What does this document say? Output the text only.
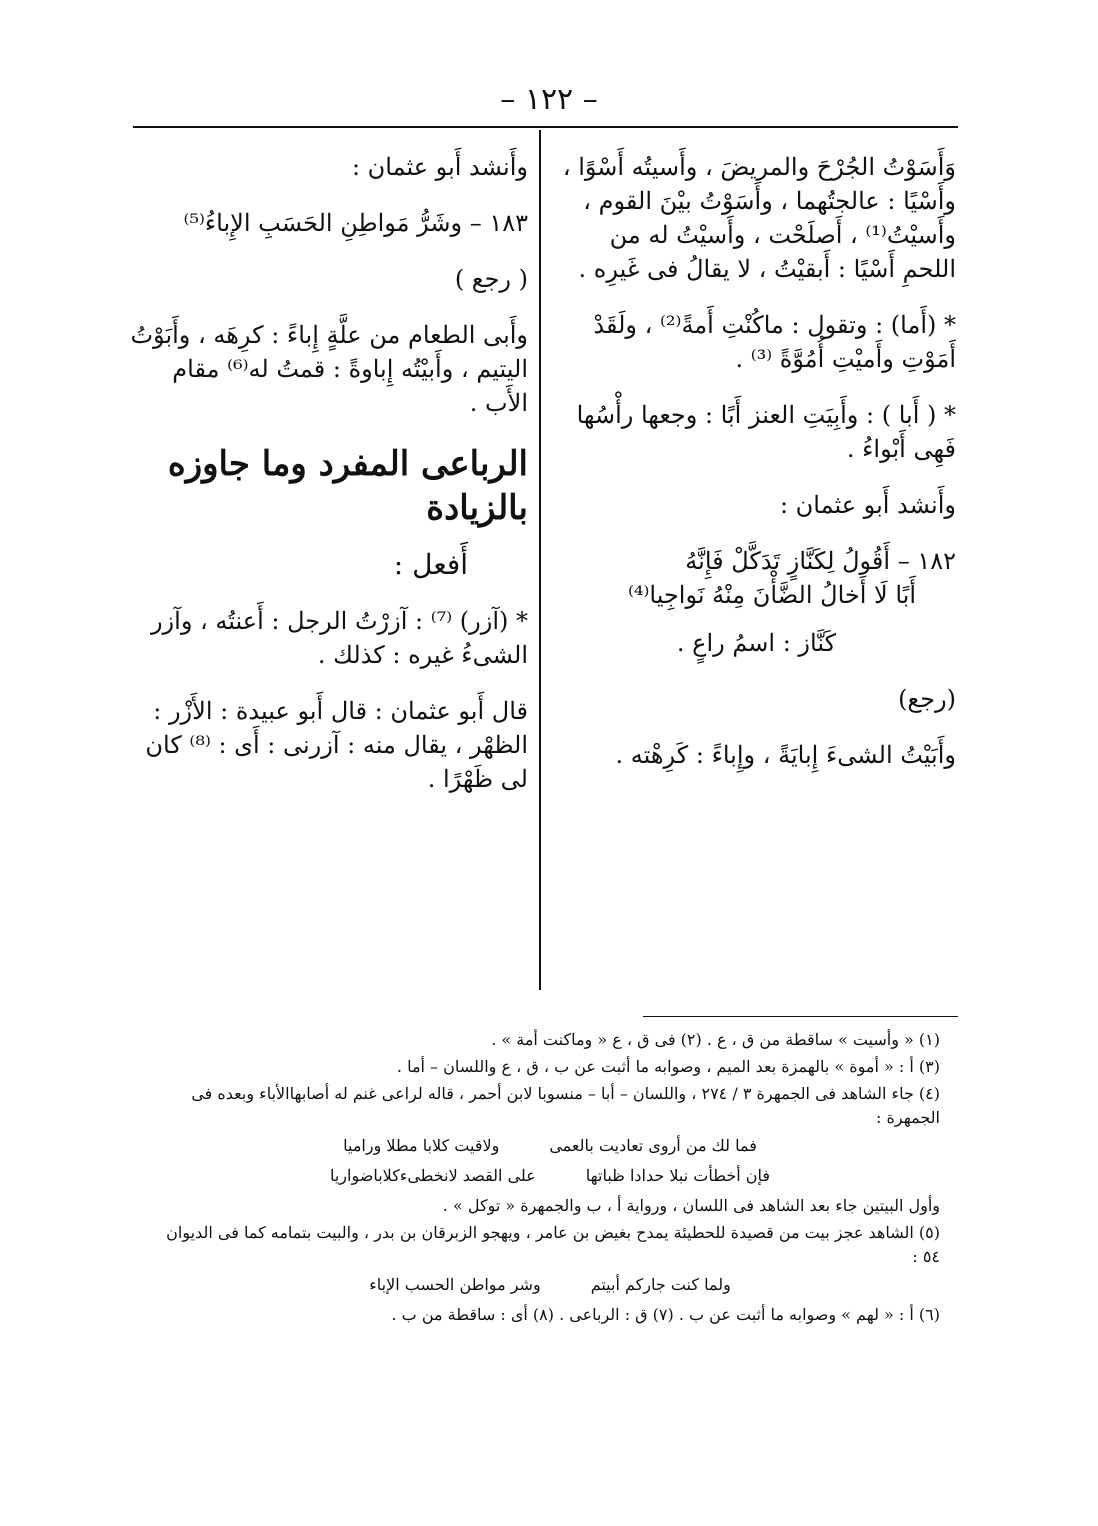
– ١٢٢ –

وَأَسَوْتُ الجُرْحَ والمريضَ ، وأَسيتُه أَسْوًا ، وأَسْيًا : عالجتُهما ، وأَسَوْتُ بيْنَ القوم ، وأَسيْتُ⁽¹⁾ ، أَصلَحْت ، وأَسيْتُ له من اللحمِ أَسْيًا : أَبقيْتُ ، لا يقالُ فى غَيرِه .

* (أَما) : وتقول : ماكُنْتِ أَمةً⁽²⁾ ، ولَقَدْ أَمَوْتِ وأَميْتِ أُمُوَّةً ⁽³⁾ .

* ( أَبا ) : وأَبِيَتِ العنز أَبًا : وجعها رأْسُها فَهِى أَبْواءُ .

وأَنشد أَبو عثمان :

١٨٢ – أَقُولُ لِكَنَّازٍ تَدَكَّلْ فَإِنَّهُ
أَبًا لَا أَخالُ الضَّأْنَ مِنْهُ نَواجِيا⁽⁴⁾

كَنَّاز : اسمُ راعٍ .

(رجع)

وأَبَيْتُ الشىءَ إِبايَةً ، وإِباءً : كَرِهْته .

وأَنشد أَبو عثمان :

١٨٣ – وشَرُّ مَواطِنِ الحَسَبِ الإِباءُ⁽⁵⁾

( رجع )

وأَبى الطعام من علَّةٍ إِباءً : كرِهَه ، وأَبَوْتُ اليتيم ، وأَبيْتُه إِباوةً : قمتُ له⁽⁶⁾ مقام الأَب .

الرباعى المفرد وما جاوزه بالزيادة
أَفعل :

* (آزر) ⁽⁷⁾ : آزرْتُ الرجل : أَعنتُه ، وآزر الشىءُ غيره : كذلك .

قال أَبو عثمان : قال أَبو عبيدة : الأَزْر : الظهْر ، يقال منه : آزرنى : أَى : ⁽⁸⁾ كان لى ظَهْرًا .

(١) « وأسيت » ساقطة من ق ، ع . (٢) فى ق ، ع « وماكنت أمة » .
(٣) أ : « أموة » بالهمزة بعد الميم ، وصوابه ما أثبت عن ب ، ق ، ع واللسان – أما .
(٤) جاء الشاهد فى الجمهرة ٣ / ٢٧٤ ، واللسان – أبا – منسوبا لابن أحمر ، قاله لراعى غنم له أصابهاالأباء وبعده فى الجمهرة :
فما لك من أروى تعاديت بالعمى
ولاقيت كلابا مطلا وراميا
فإن أخطأت نبلا حدادا ظباتها
على القصد لانخطىءكلاباضواريا
وأول البيتين جاء بعد الشاهد فى اللسان ، ورواية أ ، ب والجمهرة « توكل » .
(٥) الشاهد عجز بيت من قصيدة للحطيئة يمدح بغيض بن عامر ، ويهجو الزبرقان بن بدر ، والبيت بتمامه كما فى الديوان ٥٤ :
ولما كنت جاركم أبيتم
وشر مواطن الحسب الإباء
(٦) أ : « لهم » وصوابه ما أثبت عن ب . (٧) ق : الرباعى . (٨) أى : ساقطة من ب .
